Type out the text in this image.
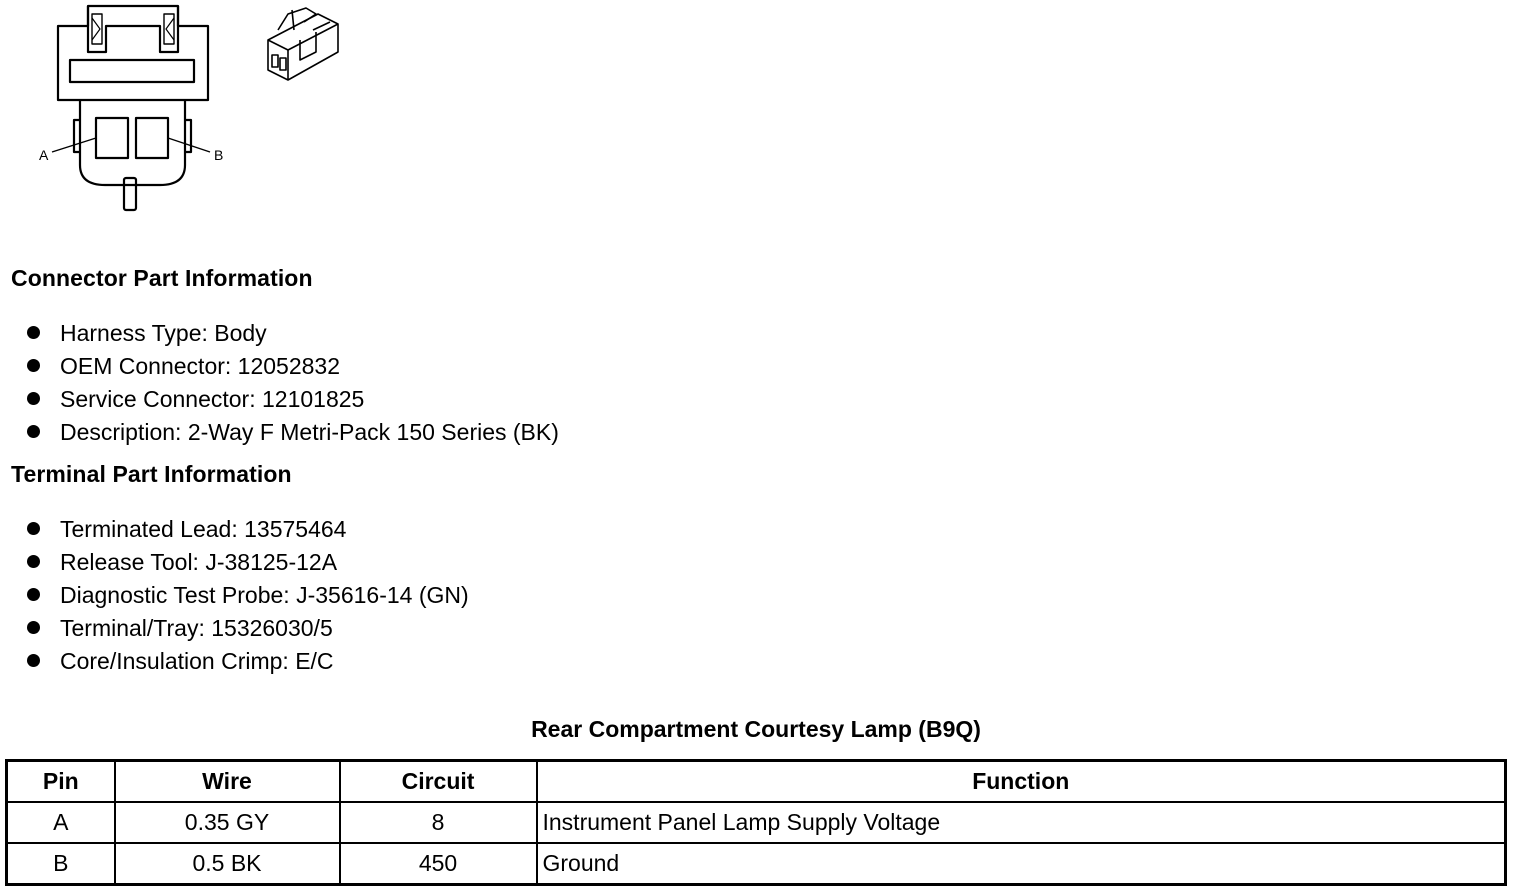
A	B
Connector Part Information
Harness Type: Body
OEM Connector: 12052832
Service Connector: 12101825
Description: 2-Way F Metri-Pack 150 Series (BK)
Terminal Part Information
Terminated Lead: 13575464
Release Tool: J-38125-12A
Diagnostic Test Probe: J-35616-14 (GN)
Terminal/Tray: 15326030/5
Core/Insulation Crimp: E/C
Rear Compartment Courtesy Lamp (B9Q)
Pin	Wire	Circuit	Function
A	0.35 GY	8	Instrument Panel Lamp Supply Voltage
B	0.5 BK	450	Ground
